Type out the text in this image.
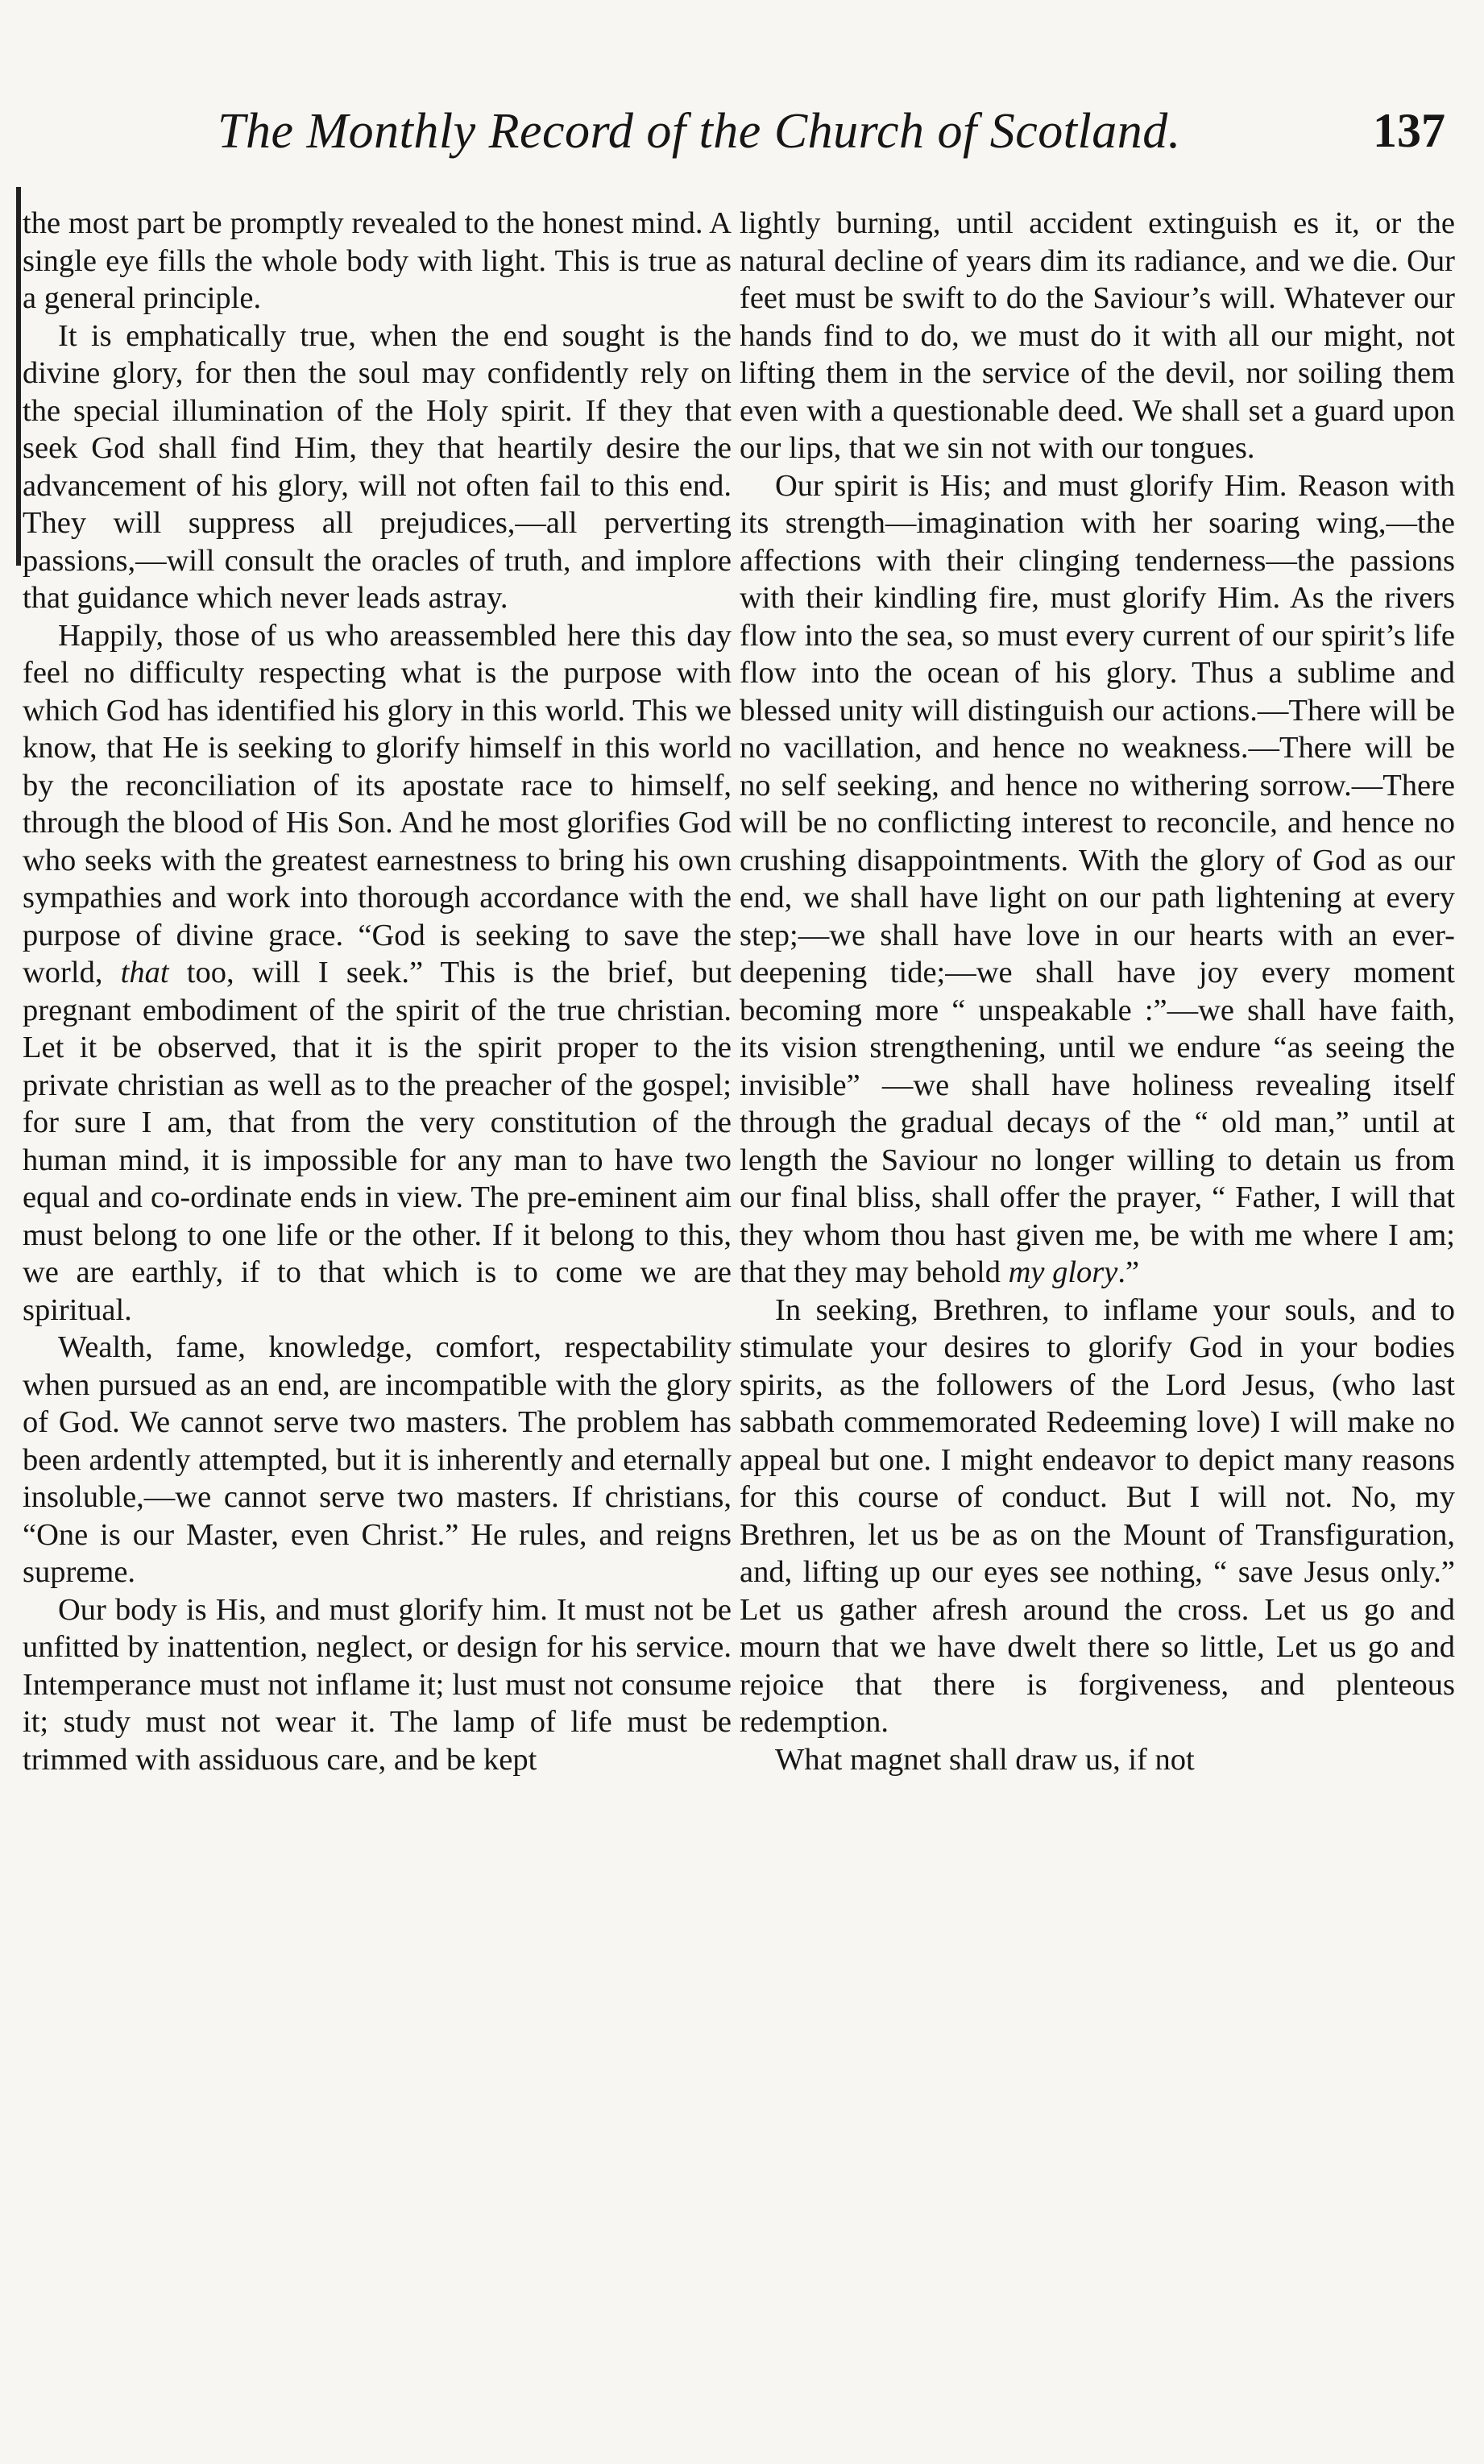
The Monthly Record of the Church of Scotland.	137

the most part be promptly revealed to the honest mind. A single eye fills the whole body with light. This is true as a general principle.

It is emphatically true, when the end sought is the divine glory, for then the soul may confidently rely on the special illumination of the Holy spirit. If they that seek God shall find Him, they that heartily desire the advancement of his glory, will not often fail to this end. They will suppress all prejudices,—all perverting passions,—will consult the oracles of truth, and implore that guidance which never leads astray.

Happily, those of us who areassembled here this day feel no difficulty respecting what is the purpose with which God has identified his glory in this world. This we know, that He is seeking to glorify himself in this world by the reconciliation of its apostate race to himself, through the blood of His Son. And he most glorifies God who seeks with the greatest earnestness to bring his own sympathies and work into thorough accordance with the purpose of divine grace. “God is seeking to save the world, that too, will I seek.” This is the brief, but pregnant embodiment of the spirit of the true christian. Let it be observed, that it is the spirit proper to the private christian as well as to the preacher of the gospel; for sure I am, that from the very constitution of the human mind, it is impossible for any man to have two equal and co-ordinate ends in view. The pre-eminent aim must belong to one life or the other. If it belong to this, we are earthly, if to that which is to come we are spiritual.

Wealth, fame, knowledge, comfort, respectability when pursued as an end, are incompatible with the glory of God. We cannot serve two masters. The problem has been ardently attempted, but it is inherently and eternally insoluble,—we cannot serve two masters. If christians, “One is our Master, even Christ.” He rules, and reigns supreme.

Our body is His, and must glorify him. It must not be unfitted by inattention, neglect, or design for his service. Intemperance must not inflame it; lust must not consume it; study must not wear it. The lamp of life must be trimmed with assiduous care, and be kept

lightly burning, until accident extinguish es it, or the natural decline of years dim its radiance, and we die. Our feet must be swift to do the Saviour’s will. Whatever our hands find to do, we must do it with all our might, not lifting them in the service of the devil, nor soiling them even with a questionable deed. We shall set a guard upon our lips, that we sin not with our tongues.

Our spirit is His; and must glorify Him. Reason with its strength—imagination with her soaring wing,—the affections with their clinging tenderness—the passions with their kindling fire, must glorify Him. As the rivers flow into the sea, so must every current of our spirit’s life flow into the ocean of his glory. Thus a sublime and blessed unity will distinguish our actions.—There will be no vacillation, and hence no weakness.—There will be no self seeking, and hence no withering sorrow.—There will be no conflicting interest to reconcile, and hence no crushing disappointments. With the glory of God as our end, we shall have light on our path lightening at every step;—we shall have love in our hearts with an ever-deepening tide;—we shall have joy every moment becoming more “ unspeakable :”—we shall have faith, its vision strengthening, until we endure “as seeing the invisible” —we shall have holiness revealing itself through the gradual decays of the “ old man,” until at length the Saviour no longer willing to detain us from our final bliss, shall offer the prayer, “ Father, I will that they whom thou hast given me, be with me where I am; that they may behold my glory.”

In seeking, Brethren, to inflame your souls, and to stimulate your desires to glorify God in your bodies spirits, as the followers of the Lord Jesus, (who last sabbath commemorated Redeeming love) I will make no appeal but one. I might endeavor to depict many reasons for this course of conduct. But I will not. No, my Brethren, let us be as on the Mount of Transfiguration, and, lifting up our eyes see nothing, “ save Jesus only.” Let us gather afresh around the cross. Let us go and mourn that we have dwelt there so little, Let us go and rejoice that there is forgiveness, and plenteous redemption.

What magnet shall draw us, if not
